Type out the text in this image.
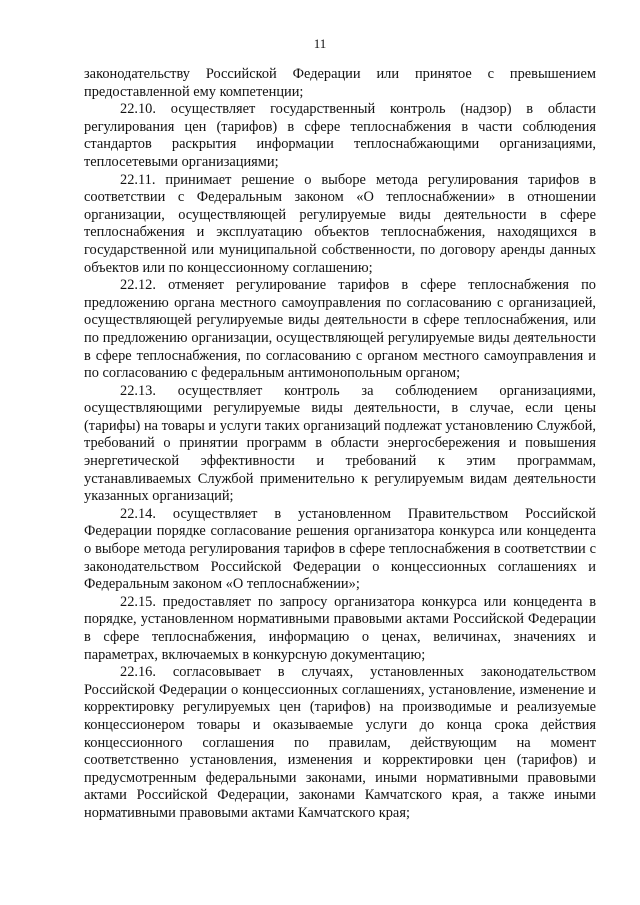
11

законодательству Российской Федерации или принятое с превышением предоставленной ему компетенции;

22.10. осуществляет государственный контроль (надзор) в области регулирования цен (тарифов) в сфере теплоснабжения в части соблюдения стандартов раскрытия информации теплоснабжающими организациями, теплосетевыми организациями;

22.11. принимает решение о выборе метода регулирования тарифов в соответствии с Федеральным законом «О теплоснабжении» в отношении организации, осуществляющей регулируемые виды деятельности в сфере теплоснабжения и эксплуатацию объектов теплоснабжения, находящихся в государственной или муниципальной собственности, по договору аренды данных объектов или по концессионному соглашению;

22.12. отменяет регулирование тарифов в сфере теплоснабжения по предложению органа местного самоуправления по согласованию с организацией, осуществляющей регулируемые виды деятельности в сфере теплоснабжения, или по предложению организации, осуществляющей регулируемые виды деятельности в сфере теплоснабжения, по согласованию с органом местного самоуправления и по согласованию с федеральным антимонопольным органом;

22.13. осуществляет контроль за соблюдением организациями, осуществляющими регулируемые виды деятельности, в случае, если цены (тарифы) на товары и услуги таких организаций подлежат установлению Службой, требований о принятии программ в области энергосбережения и повышения энергетической эффективности и требований к этим программам, устанавливаемых Службой применительно к регулируемым видам деятельности указанных организаций;

22.14. осуществляет в установленном Правительством Российской Федерации порядке согласование решения организатора конкурса или концедента о выборе метода регулирования тарифов в сфере теплоснабжения в соответствии с законодательством Российской Федерации о концессионных соглашениях и Федеральным законом «О теплоснабжении»;

22.15. предоставляет по запросу организатора конкурса или концедента в порядке, установленном нормативными правовыми актами Российской Федерации в сфере теплоснабжения, информацию о ценах, величинах, значениях и параметрах, включаемых в конкурсную документацию;

22.16. согласовывает в случаях, установленных законодательством Российской Федерации о концессионных соглашениях, установление, изменение и корректировку регулируемых цен (тарифов) на производимые и реализуемые концессионером товары и оказываемые услуги до конца срока действия концессионного соглашения по правилам, действующим на момент соответственно установления, изменения и корректировки цен (тарифов) и предусмотренным федеральными законами, иными нормативными правовыми актами Российской Федерации, законами Камчатского края, а также иными нормативными правовыми актами Камчатского края;
